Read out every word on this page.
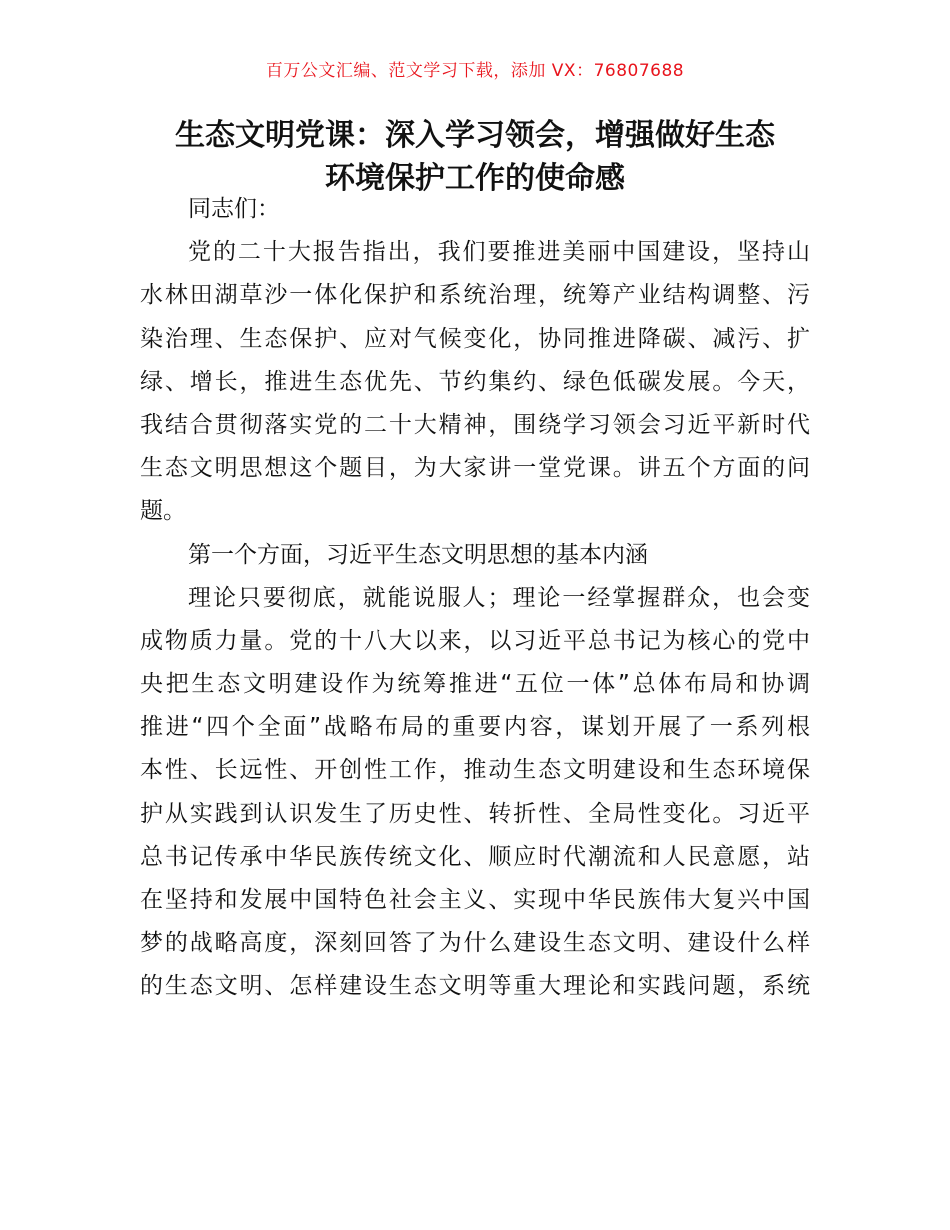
百万公文汇编、范文学习下载，添加 VX：76807688
生态文明党课：深入学习领会，增强做好生态
环境保护工作的使命感
同志们：
党的二十大报告指出，我们要推进美丽中国建设，坚持山
水林田湖草沙一体化保护和系统治理，统筹产业结构调整、污
染治理、生态保护、应对气候变化，协同推进降碳、减污、扩
绿、增长，推进生态优先、节约集约、绿色低碳发展。今天，
我结合贯彻落实党的二十大精神，围绕学习领会习近平新时代
生态文明思想这个题目，为大家讲一堂党课。讲五个方面的问
题。
第一个方面，习近平生态文明思想的基本内涵
理论只要彻底，就能说服人；理论一经掌握群众，也会变
成物质力量。党的十八大以来，以习近平总书记为核心的党中
央把生态文明建设作为统筹推进“五位一体”总体布局和协调
推进“四个全面”战略布局的重要内容，谋划开展了一系列根
本性、长远性、开创性工作，推动生态文明建设和生态环境保
护从实践到认识发生了历史性、转折性、全局性变化。习近平
总书记传承中华民族传统文化、顺应时代潮流和人民意愿，站
在坚持和发展中国特色社会主义、实现中华民族伟大复兴中国
梦的战略高度，深刻回答了为什么建设生态文明、建设什么样
的生态文明、怎样建设生态文明等重大理论和实践问题，系统
